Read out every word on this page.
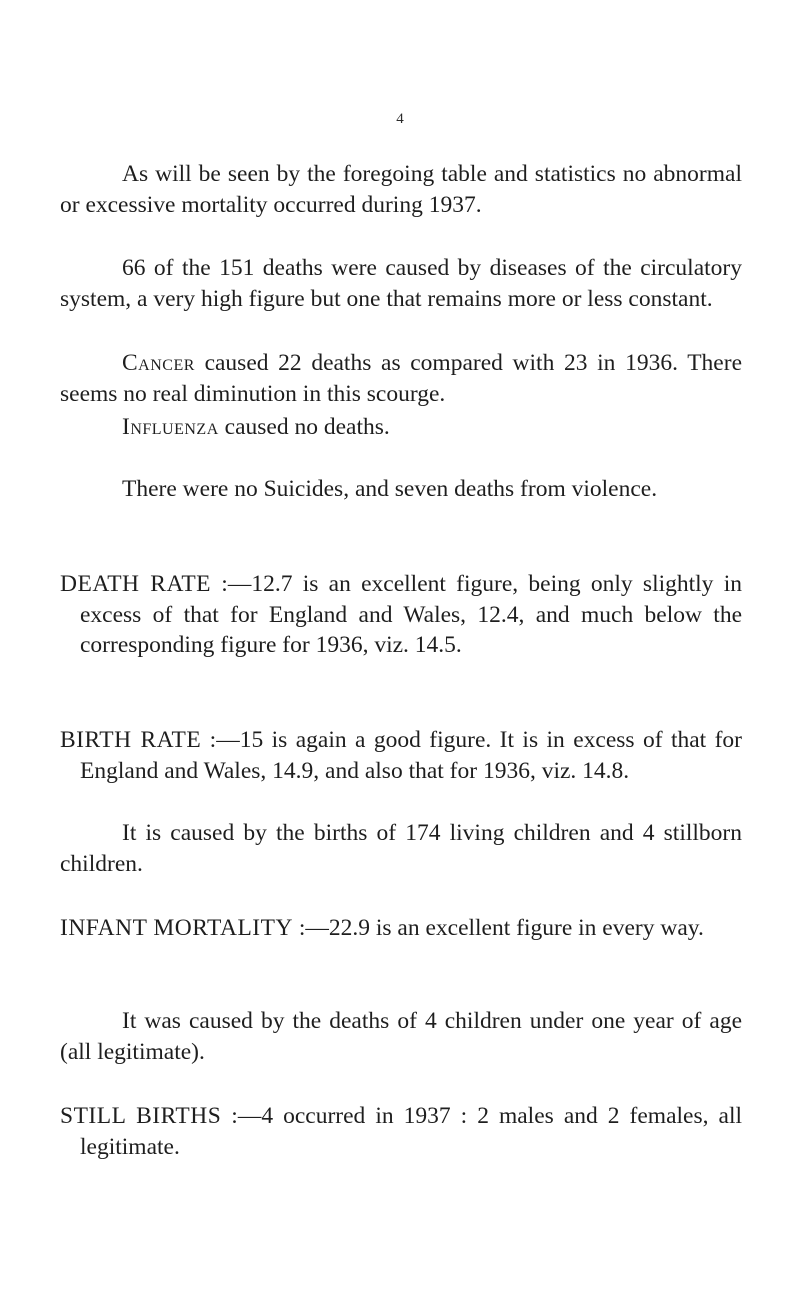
4

As will be seen by the foregoing table and statistics no abnormal or excessive mortality occurred during 1937.

66 of the 151 deaths were caused by diseases of the circulatory system, a very high figure but one that remains more or less constant.

Cancer caused 22 deaths as compared with 23 in 1936. There seems no real diminution in this scourge.

Influenza caused no deaths.

There were no Suicides, and seven deaths from violence.

DEATH RATE :—12.7 is an excellent figure, being only slightly in excess of that for England and Wales, 12.4, and much below the corresponding figure for 1936, viz. 14.5.

BIRTH RATE :—15 is again a good figure. It is in excess of that for England and Wales, 14.9, and also that for 1936, viz. 14.8.

It is caused by the births of 174 living children and 4 stillborn children.

INFANT MORTALITY :—22.9 is an excellent figure in every way.

It was caused by the deaths of 4 children under one year of age (all legitimate).

STILL BIRTHS :—4 occurred in 1937 : 2 males and 2 females, all legitimate.
